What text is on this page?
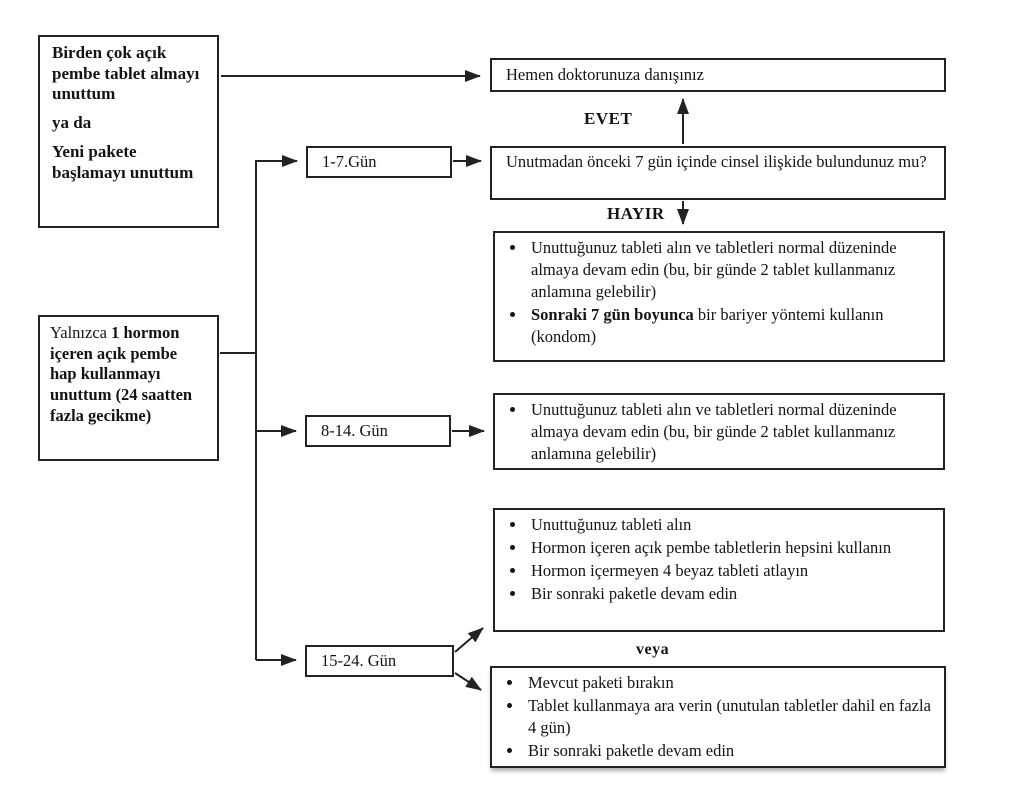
Birden çok açık pembe tablet almayı unuttum

ya da

Yeni pakete başlamayı unuttum

Yalnızca 1 hormon içeren açık pembe hap kullanmayı unuttum (24 saatten fazla gecikme)
1-7.Gün
8-14. Gün
15-24. Gün
Hemen doktorunuza danışınız
EVET
Unutmadan önceki 7 gün içinde cinsel ilişkide bulundunuz mu?
HAYIR
• Unuttuğunuz tableti alın ve tabletleri normal düzeninde almaya devam edin (bu, bir günde 2 tablet kullanmanız anlamına gelebilir)
• Sonraki 7 gün boyunca bir bariyer yöntemi kullanın (kondom)
• Unuttuğunuz tableti alın ve tabletleri normal düzeninde almaya devam edin (bu, bir günde 2 tablet kullanmanız anlamına gelebilir)
• Unuttuğunuz tableti alın
• Hormon içeren açık pembe tabletlerin hepsini kullanın
• Hormon içermeyen 4 beyaz tableti atlayın
• Bir sonraki paketle devam edin
veya
• Mevcut paketi bırakın
• Tablet kullanmaya ara verin (unutulan tabletler dahil en fazla 4 gün)
• Bir sonraki paketle devam edin
